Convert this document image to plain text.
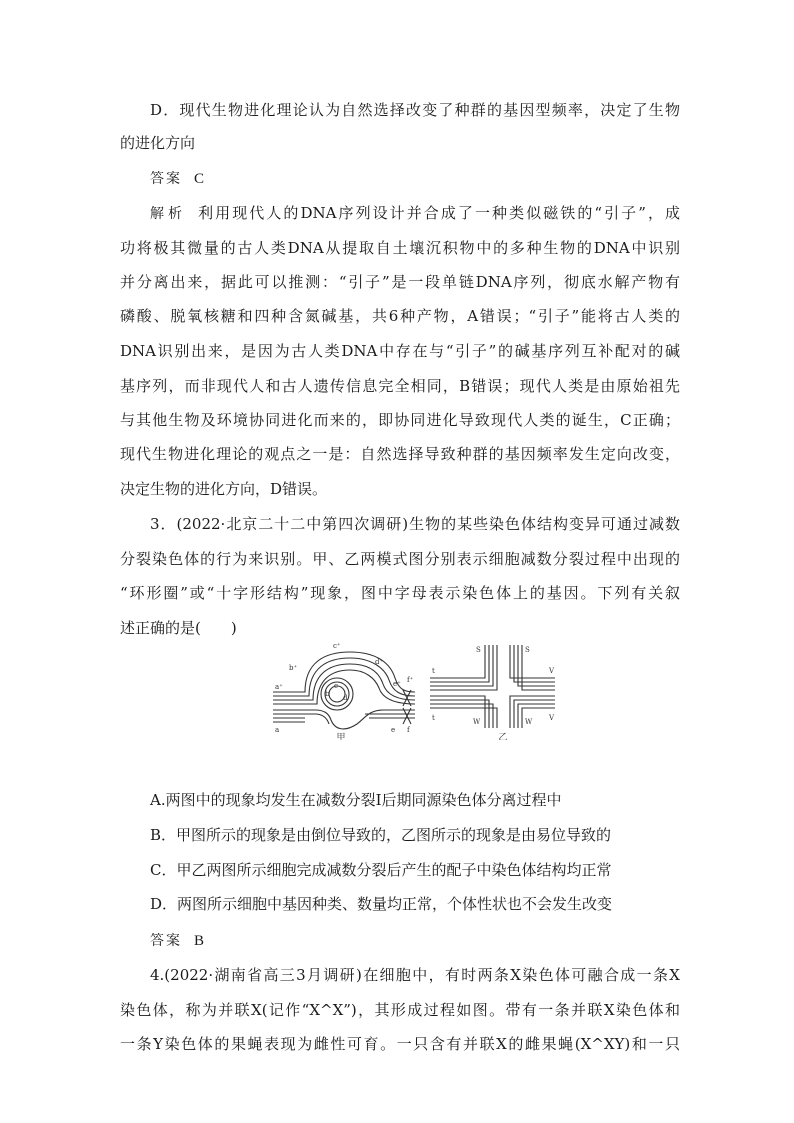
D．现代生物进化理论认为自然选择改变了种群的基因型频率，决定了生物
的进化方向
答案 C
解析 利用现代人的DNA序列设计并合成了一种类似磁铁的“引子”，成
功将极其微量的古人类DNA从提取自土壤沉积物中的多种生物的DNA中识别
并分离出来，据此可以推测：“引子”是一段单链DNA序列，彻底水解产物有
磷酸、脱氧核糖和四种含氮碱基，共6种产物，A错误；“引子”能将古人类的
DNA识别出来，是因为古人类DNA中存在与“引子”的碱基序列互补配对的碱
基序列，而非现代人和古人遗传信息完全相同，B错误；现代人类是由原始祖先
与其他生物及环境协同进化而来的，即协同进化导致现代人类的诞生，C正确；
现代生物进化理论的观点之一是：自然选择导致种群的基因频率发生定向改变，
决定生物的进化方向，D错误。
3．(2022·北京二十二中第四次调研)生物的某些染色体结构变异可通过减数
分裂染色体的行为来识别。甲、乙两模式图分别表示细胞减数分裂过程中出现的
“环形圈”或“十字形结构”现象，图中字母表示染色体上的基因。下列有关叙
述正确的是(　　)
a⁺
b⁺
c⁺
d⁺
e⁺ f⁺
a
b
c
d
e f
甲
S	S
t
t
V
V
W	W
乙
A.两图中的现象均发生在减数分裂Ⅰ后期同源染色体分离过程中
B．甲图所示的现象是由倒位导致的，乙图所示的现象是由易位导致的
C．甲乙两图所示细胞完成减数分裂后产生的配子中染色体结构均正常
D．两图所示细胞中基因种类、数量均正常，个体性状也不会发生改变
答案 B
4.(2022·湖南省高三3月调研)在细胞中，有时两条X染色体可融合成一条X
染色体，称为并联X(记作“X^X”)，其形成过程如图。带有一条并联X染色体和
一条Y染色体的果蝇表现为雌性可育。一只含有并联X的雌果蝇(X^XY)和一只
